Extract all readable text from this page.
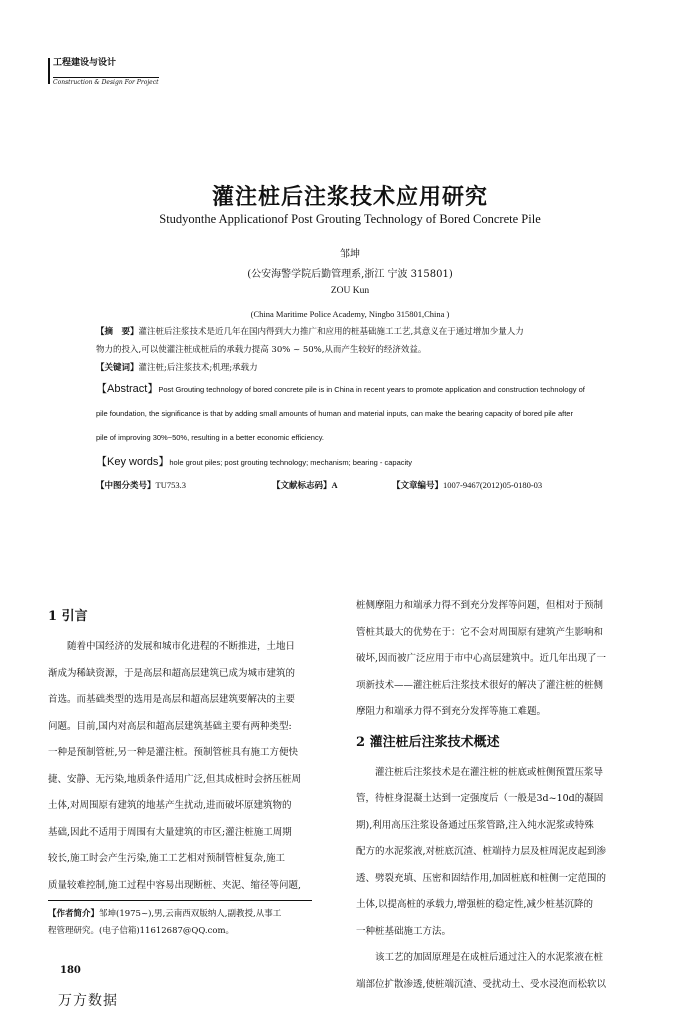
工程建设与设计
Construction & Design For Project
灌注桩后注浆技术应用研究
Studyonthe Applicationof Post Grouting Technology of Bored Concrete Pile
邹坤
(公安海警学院后勤管理系,浙江 宁波 315801)
ZOU Kun
(China Maritime Police Academy, Ningbo 315801,China )
【摘　要】灌注桩后注浆技术是近几年在国内得到大力推广和应用的桩基础施工工艺,其意义在于通过增加少量人力
物力的投入,可以使灌注桩成桩后的承载力提高 30% ~ 50%,从而产生较好的经济效益。
【关键词】灌注桩;后注浆技术;机理;承载力
【Abstract】Post Grouting technology of bored concrete pile is in China in recent years to promote application and construction technology of
pile foundation, the significance is that by adding small amounts of human and material inputs, can make the bearing capacity of bored pile after
pile of improving 30%~50%, resulting in a better economic efficiency.
【Key words】hole grout piles; post grouting technology; mechanism; bearing - capacity
【中图分类号】TU753.3	【文献标志码】A	【文章编号】1007-9467(2012)05-0180-03
1 引言
随着中国经济的发展和城市化进程的不断推进，土地日
渐成为稀缺资源，于是高层和超高层建筑已成为城市建筑的
首选。而基础类型的选用是高层和超高层建筑要解决的主要
问题。目前,国内对高层和超高层建筑基础主要有两种类型:
一种是预制管桩,另一种是灌注桩。预制管桩具有施工方便快
捷、安静、无污染,地质条件适用广泛,但其成桩时会挤压桩周
土体,对周围原有建筑的地基产生扰动,进而破坏原建筑物的
基础,因此不适用于周围有大量建筑的市区;灌注桩施工周期
较长,施工时会产生污染,施工工艺相对预制管桩复杂,施工
质量较难控制,施工过程中容易出现断桩、夹泥、缩径等问题,
桩侧摩阻力和端承力得不到充分发挥等问题，但相对于预制
管桩其最大的优势在于：它不会对周围原有建筑产生影响和
破坏,因而被广泛应用于市中心高层建筑中。近几年出现了一
项新技术——灌注桩后注浆技术很好的解决了灌注桩的桩侧
摩阻力和端承力得不到充分发挥等施工难题。
2 灌注桩后注浆技术概述
灌注桩后注浆技术是在灌注桩的桩底或桩侧预置压浆导
管，待桩身混凝土达到一定强度后（一般是3d~10d的凝固
期),利用高压注浆设备通过压浆管路,注入纯水泥浆或特殊
配方的水泥浆液,对桩底沉渣、桩端持力层及桩周泥皮起到渗
透、劈裂充填、压密和固结作用,加固桩底和桩侧一定范围的
土体,以提高桩的承载力,增强桩的稳定性,减少桩基沉降的
一种桩基础施工方法。
该工艺的加固原理是在成桩后通过注入的水泥浆液在桩
端部位扩散渗透,使桩端沉渣、受扰动土、受水浸泡而松软以
【作者简介】邹坤(1975~),男,云南西双版纳人,副教授,从事工
程管理研究。(电子信箱)11612687@QQ.com。
180
万方数据
